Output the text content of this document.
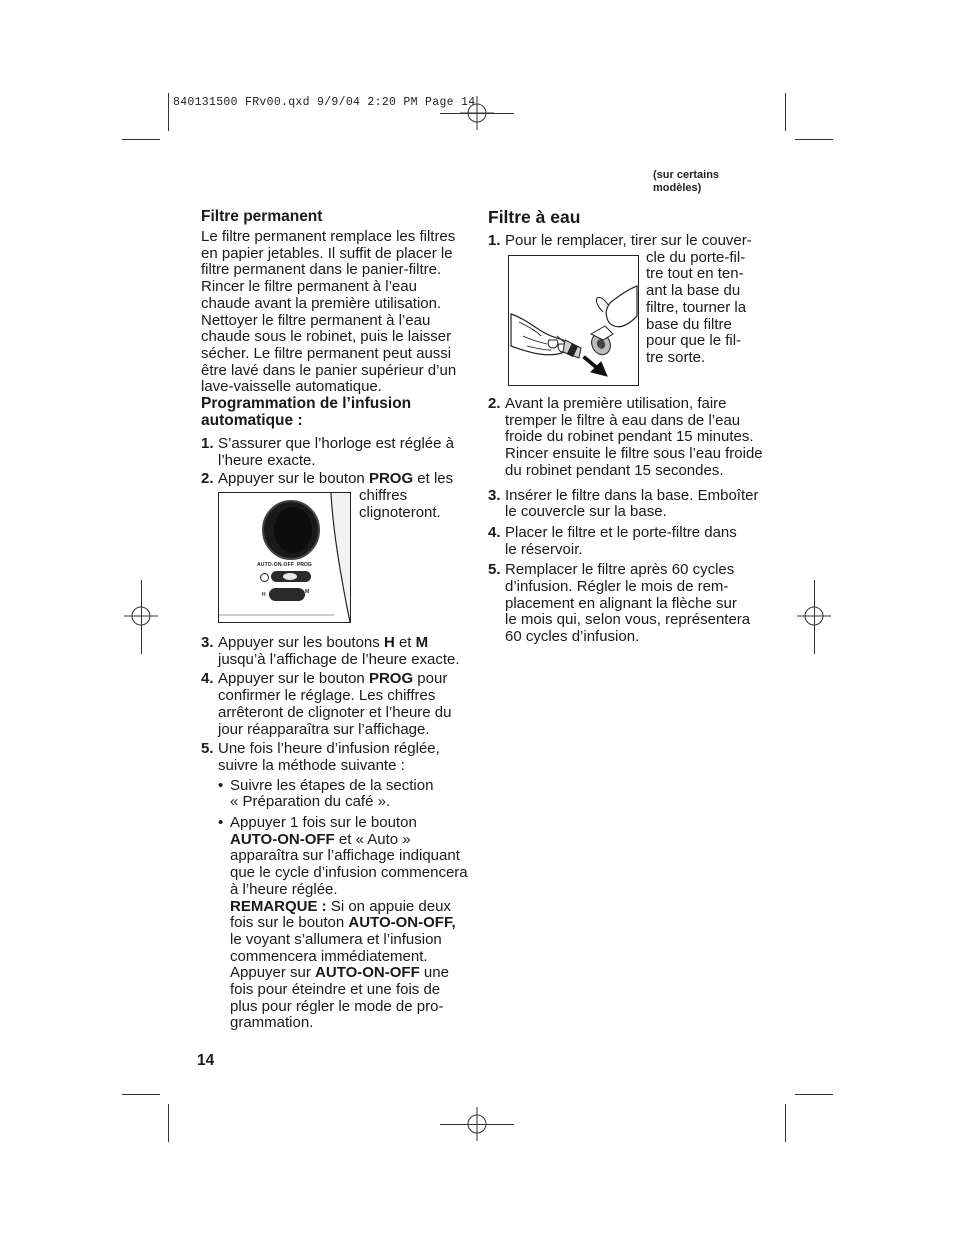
840131500 FRv00.qxd 9/9/04 2:20 PM Page 14
(sur certains
modèles)
Filtre permanent

Le filtre permanent remplace les filtres

en papier jetables. Il suffit de placer le

filtre permanent dans le panier-filtre.

Rincer le filtre permanent à l’eau

chaude avant la première utilisation.

Nettoyer le filtre permanent à l’eau

chaude sous le robinet, puis le laisser

sécher. Le filtre permanent peut aussi

être lavé dans le panier supérieur d’un

lave-vaisselle automatique.

Programmation de l’infusion
automatique :
1. S’assurer que l’horloge est réglée à

l’heure exacte.

2. Appuyer sur le bouton PROG et les

chiffres

clignoteront.

AUTO-ON-OFF PROG
H	M
3. Appuyer sur les boutons H et M

jusqu’à l’affichage de l’heure exacte.

4. Appuyer sur le bouton PROG pour

confirmer le réglage. Les chiffres

arrêteront de clignoter et l’heure du

jour réapparaîtra sur l’affichage.

5. Une fois l’heure d’infusion réglée,

suivre la méthode suivante :

• Suivre les étapes de la section

« Préparation du café ».

• Appuyer 1 fois sur le bouton

AUTO-ON-OFF et « Auto »

apparaîtra sur l’affichage indiquant

que le cycle d’infusion commencera

à l’heure réglée.

REMARQUE : Si on appuie deux

fois sur le bouton AUTO-ON-OFF,

le voyant s’allumera et l’infusion

commencera immédiatement.

Appuyer sur AUTO-ON-OFF une

fois pour éteindre et une fois de

plus pour régler le mode de pro-

grammation.

Filtre à eau
1. Pour le remplacer, tirer sur le couver-

cle du porte-fil-

tre tout en ten-

ant la base du

filtre, tourner la

base du filtre

pour que le fil-

tre sorte.

2. Avant la première utilisation, faire

tremper le filtre à eau dans de l’eau

froide du robinet pendant 15 minutes.

Rincer ensuite le filtre sous l’eau froide

du robinet pendant 15 secondes.

3. Insérer le filtre dans la base. Emboîter

le couvercle sur la base.

4. Placer le filtre et le porte-filtre dans

le réservoir.

5. Remplacer le filtre après 60 cycles

d’infusion. Régler le mois de rem-

placement en alignant la flèche sur

le mois qui, selon vous, représentera

60 cycles d’infusion.

14
